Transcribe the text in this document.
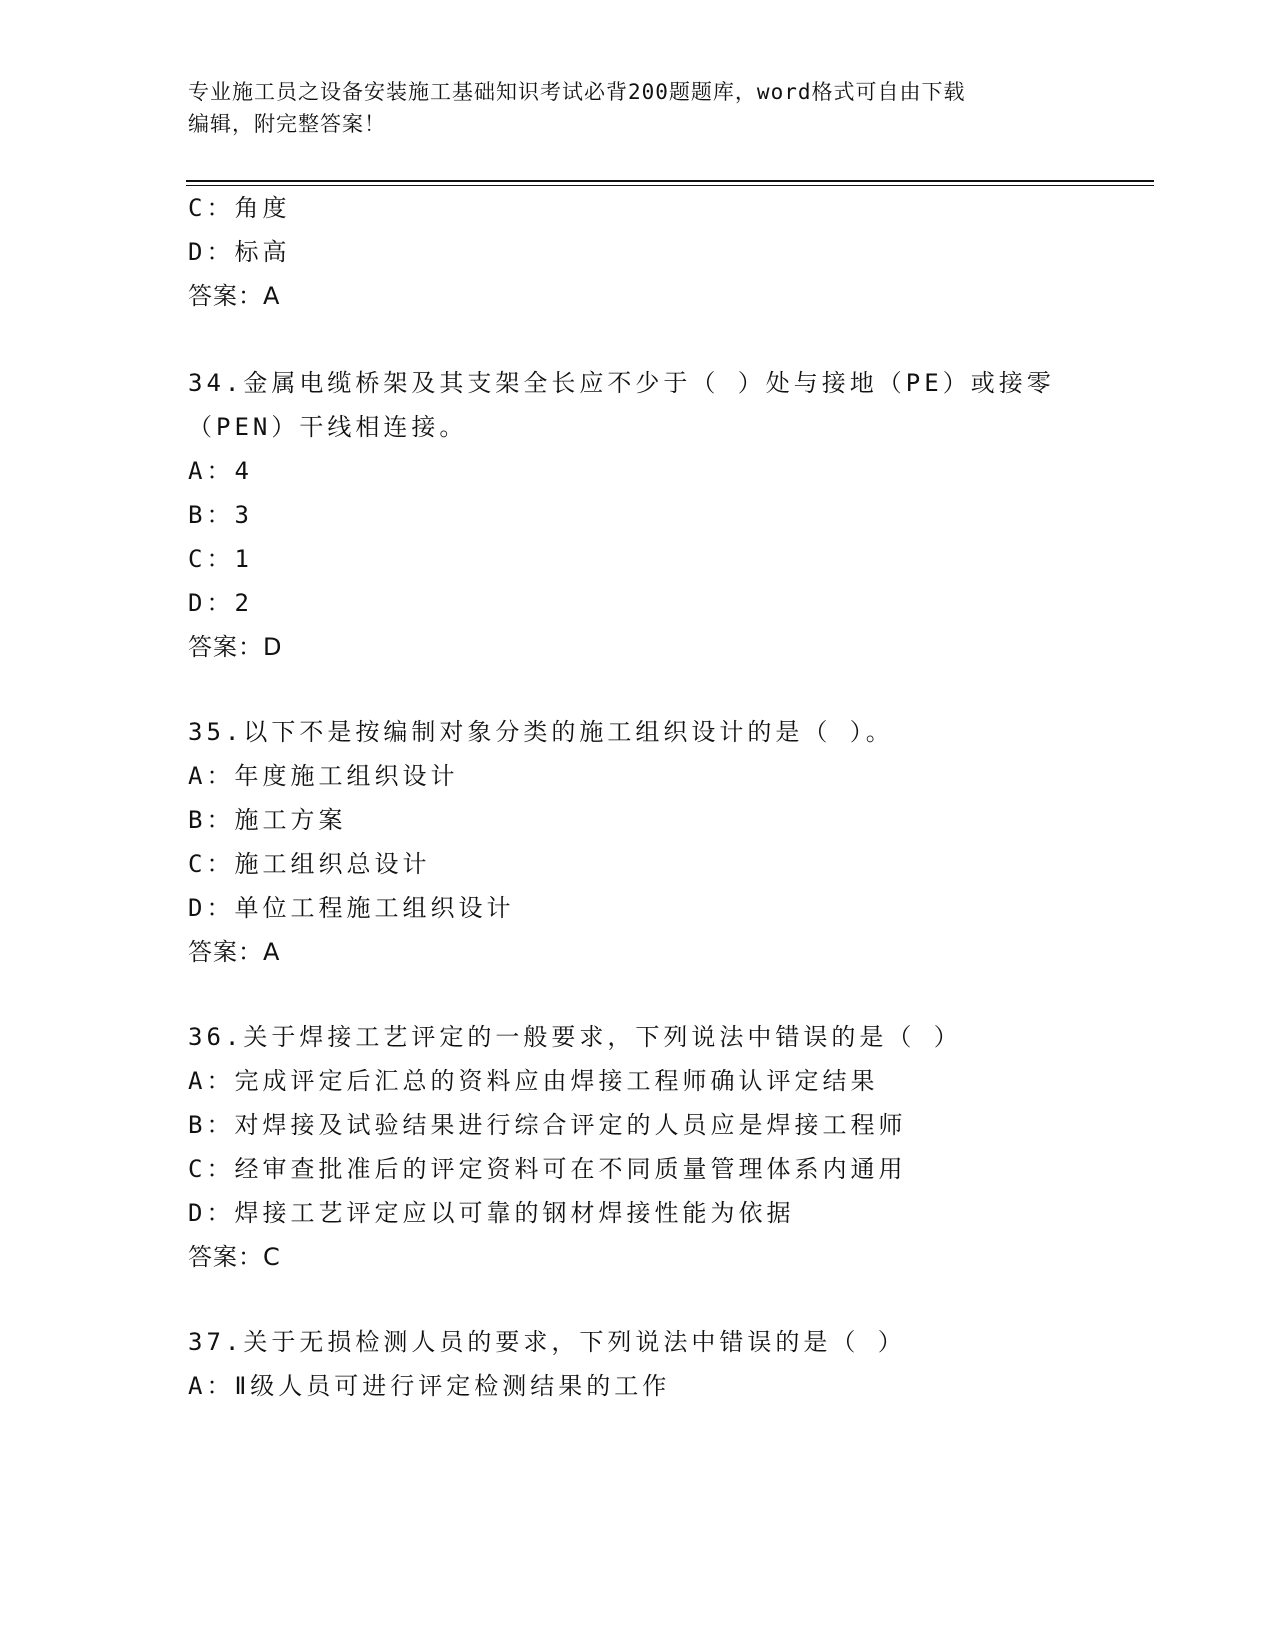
专业施工员之设备安装施工基础知识考试必背200题题库，word格式可自由下载
编辑，附完整答案！
C：角度
D：标高
答案：A
34.金属电缆桥架及其支架全长应不少于（ ）处与接地（PE）或接零
（PEN）干线相连接。
A：4
B：3
C：1
D：2
答案：D
35.以下不是按编制对象分类的施工组织设计的是（ ）。
A：年度施工组织设计
B：施工方案
C：施工组织总设计
D：单位工程施工组织设计
答案：A
36.关于焊接工艺评定的一般要求，下列说法中错误的是（ ）
A：完成评定后汇总的资料应由焊接工程师确认评定结果
B：对焊接及试验结果进行综合评定的人员应是焊接工程师
C：经审查批准后的评定资料可在不同质量管理体系内通用
D：焊接工艺评定应以可靠的钢材焊接性能为依据
答案：C
37.关于无损检测人员的要求，下列说法中错误的是（ ）
A：Ⅱ级人员可进行评定检测结果的工作
